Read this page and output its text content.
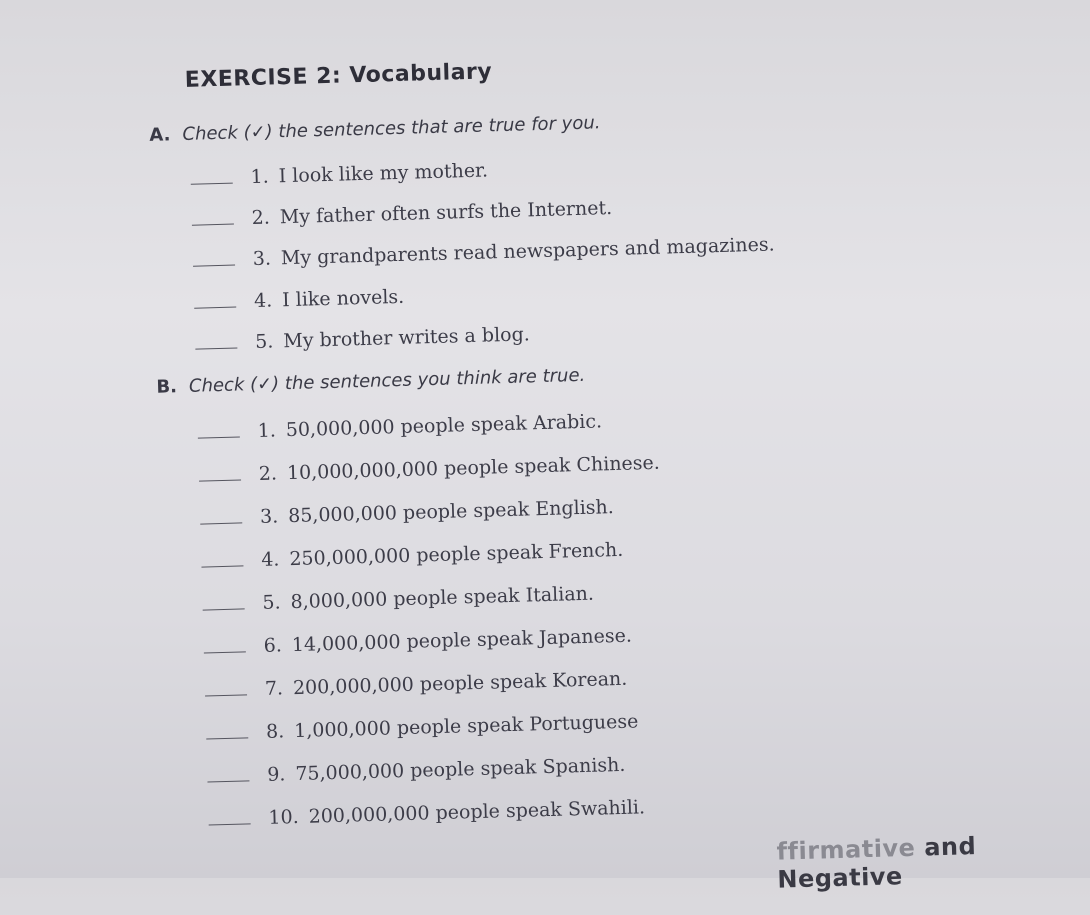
EXERCISE 2: Vocabulary
A. Check (✓) the sentences that are true for you.
1. I look like my mother.
2. My father often surfs the Internet.
3. My grandparents read newspapers and magazines.
4. I like novels.
5. My brother writes a blog.
B. Check (✓) the sentences you think are true.
1. 50,000,000 people speak Arabic.
2. 10,000,000,000 people speak Chinese.
3. 85,000,000 people speak English.
4. 250,000,000 people speak French.
5. 8,000,000 people speak Italian.
6. 14,000,000 people speak Japanese.
7. 200,000,000 people speak Korean.
8. 1,000,000 people speak Portuguese
9. 75,000,000 people speak Spanish.
10. 200,000,000 people speak Swahili.
ffirmative and Negative
